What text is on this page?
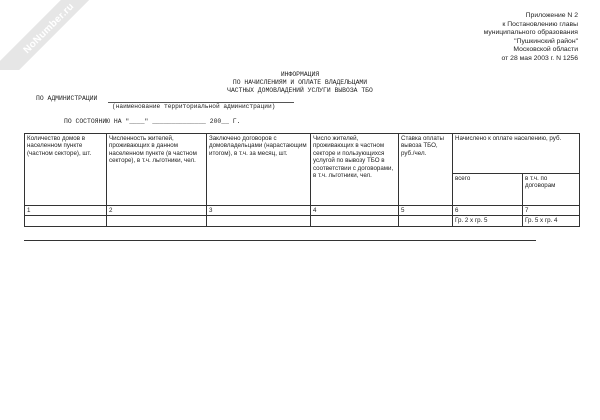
NoNumber.ru	Приложение N 2
к Постановлению главы
муниципального образования
"Пушкинский район"
Московской области
от 28 мая 2003 г. N 1256
ИНФОРМАЦИЯ
ПО НАЧИСЛЕНИЯМ И ОПЛАТЕ ВЛАДЕЛЬЦАМИ
ЧАСТНЫХ ДОМОВЛАДЕНИЙ УСЛУГИ ВЫВОЗА ТБО
ПО АДМИНИСТРАЦИИ
(наименование территориальной администрации)
ПО СОСТОЯНИЮ НА "____" ______________ 200__ Г.
Количество домов в населенном пункте (частном секторе), шт.	Численность жителей, проживающих в данном населенном пункте (в частном секторе), в т.ч. льготники, чел.	Заключено договоров с домовладельцами (нарастающим итогом), в т.ч. за месяц, шт.	Число жителей, проживающих в частном секторе и пользующихся услугой по вывозу ТБО в соответствии с договорами, в т.ч. льготники, чел.	Ставка оплаты вывоза ТБО, руб./чел.	Начислено к оплате населению, руб.	
					всего	в т.ч. по договорам
1	2	3	4	5	6	7
					Гр. 2 x гр. 5	Гр. 5 x гр. 4
